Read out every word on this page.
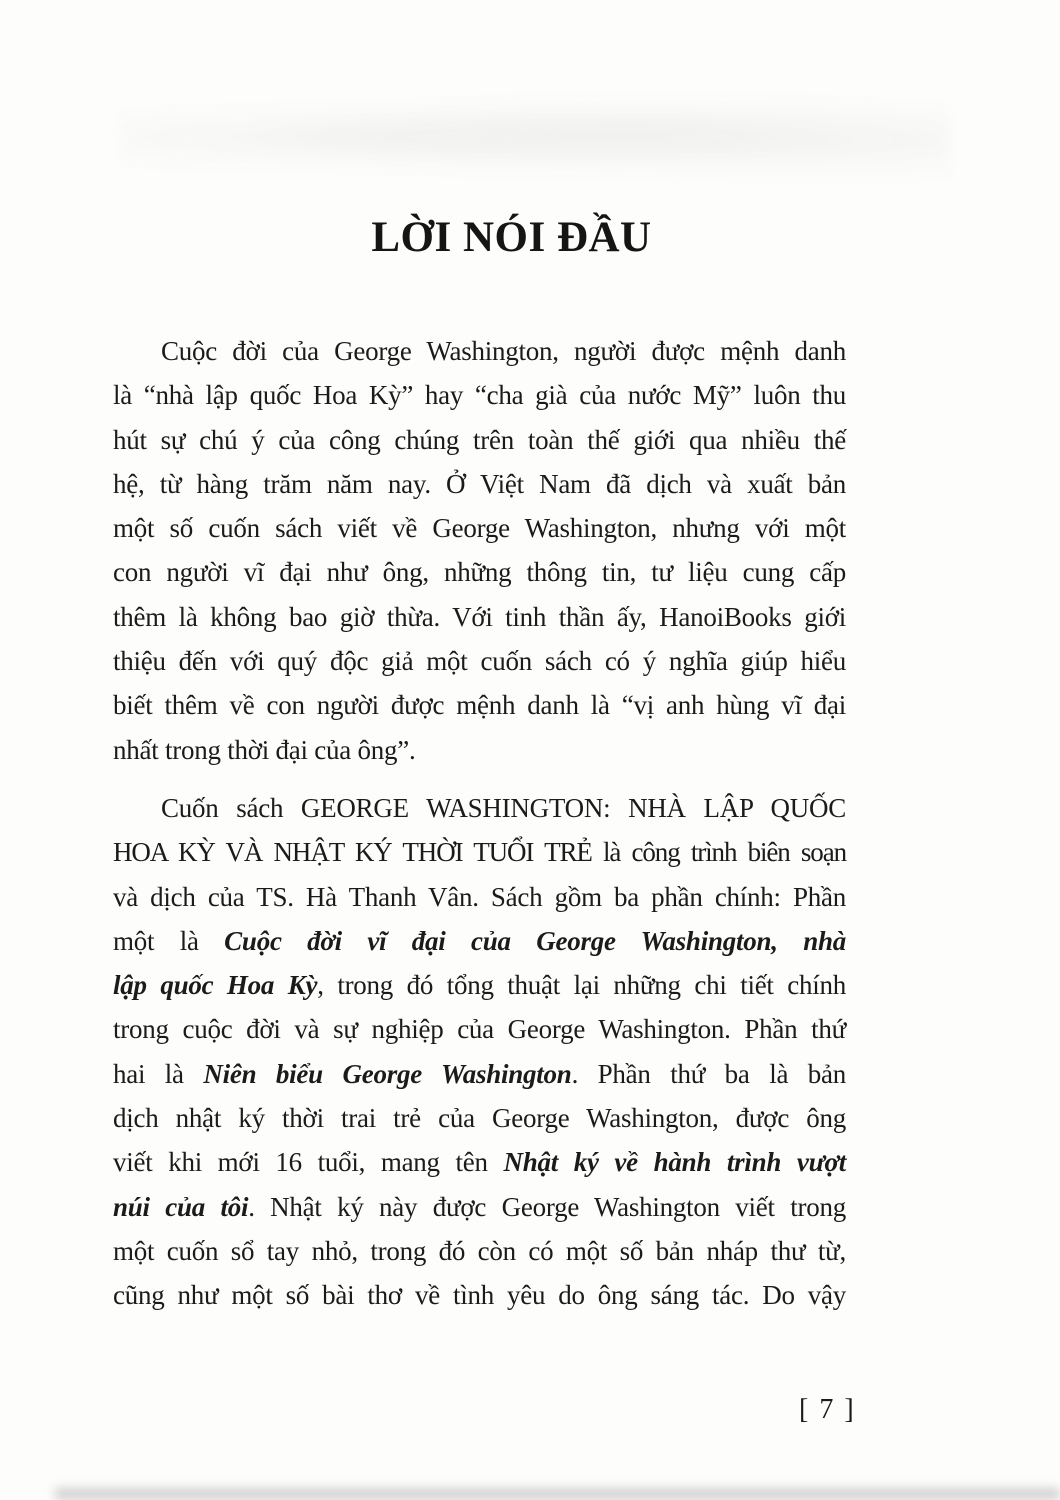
LỜI NÓI ĐẦU
Cuộc đời của George Washington, người được mệnh danh
là “nhà lập quốc Hoa Kỳ” hay “cha già của nước Mỹ” luôn thu
hút sự chú ý của công chúng trên toàn thế giới qua nhiều thế
hệ, từ hàng trăm năm nay. Ở Việt Nam đã dịch và xuất bản
một số cuốn sách viết về George Washington, nhưng với một
con người vĩ đại như ông, những thông tin, tư liệu cung cấp
thêm là không bao giờ thừa. Với tinh thần ấy, HanoiBooks giới
thiệu đến với quý độc giả một cuốn sách có ý nghĩa giúp hiểu
biết thêm về con người được mệnh danh là “vị anh hùng vĩ đại
nhất trong thời đại của ông”.
Cuốn sách GEORGE WASHINGTON: NHÀ LẬP QUỐC
HOA KỲ VÀ NHẬT KÝ THỜI TUỔI TRẺ là công trình biên soạn
và dịch của TS. Hà Thanh Vân. Sách gồm ba phần chính: Phần
một là Cuộc đời vĩ đại của George Washington, nhà
lập quốc Hoa Kỳ, trong đó tổng thuật lại những chi tiết chính
trong cuộc đời và sự nghiệp của George Washington. Phần thứ
hai là Niên biểu George Washington. Phần thứ ba là bản
dịch nhật ký thời trai trẻ của George Washington, được ông
viết khi mới 16 tuổi, mang tên Nhật ký về hành trình vượt
núi của tôi. Nhật ký này được George Washington viết trong
một cuốn sổ tay nhỏ, trong đó còn có một số bản nháp thư từ,
cũng như một số bài thơ về tình yêu do ông sáng tác. Do vậy
[ 7 ]
